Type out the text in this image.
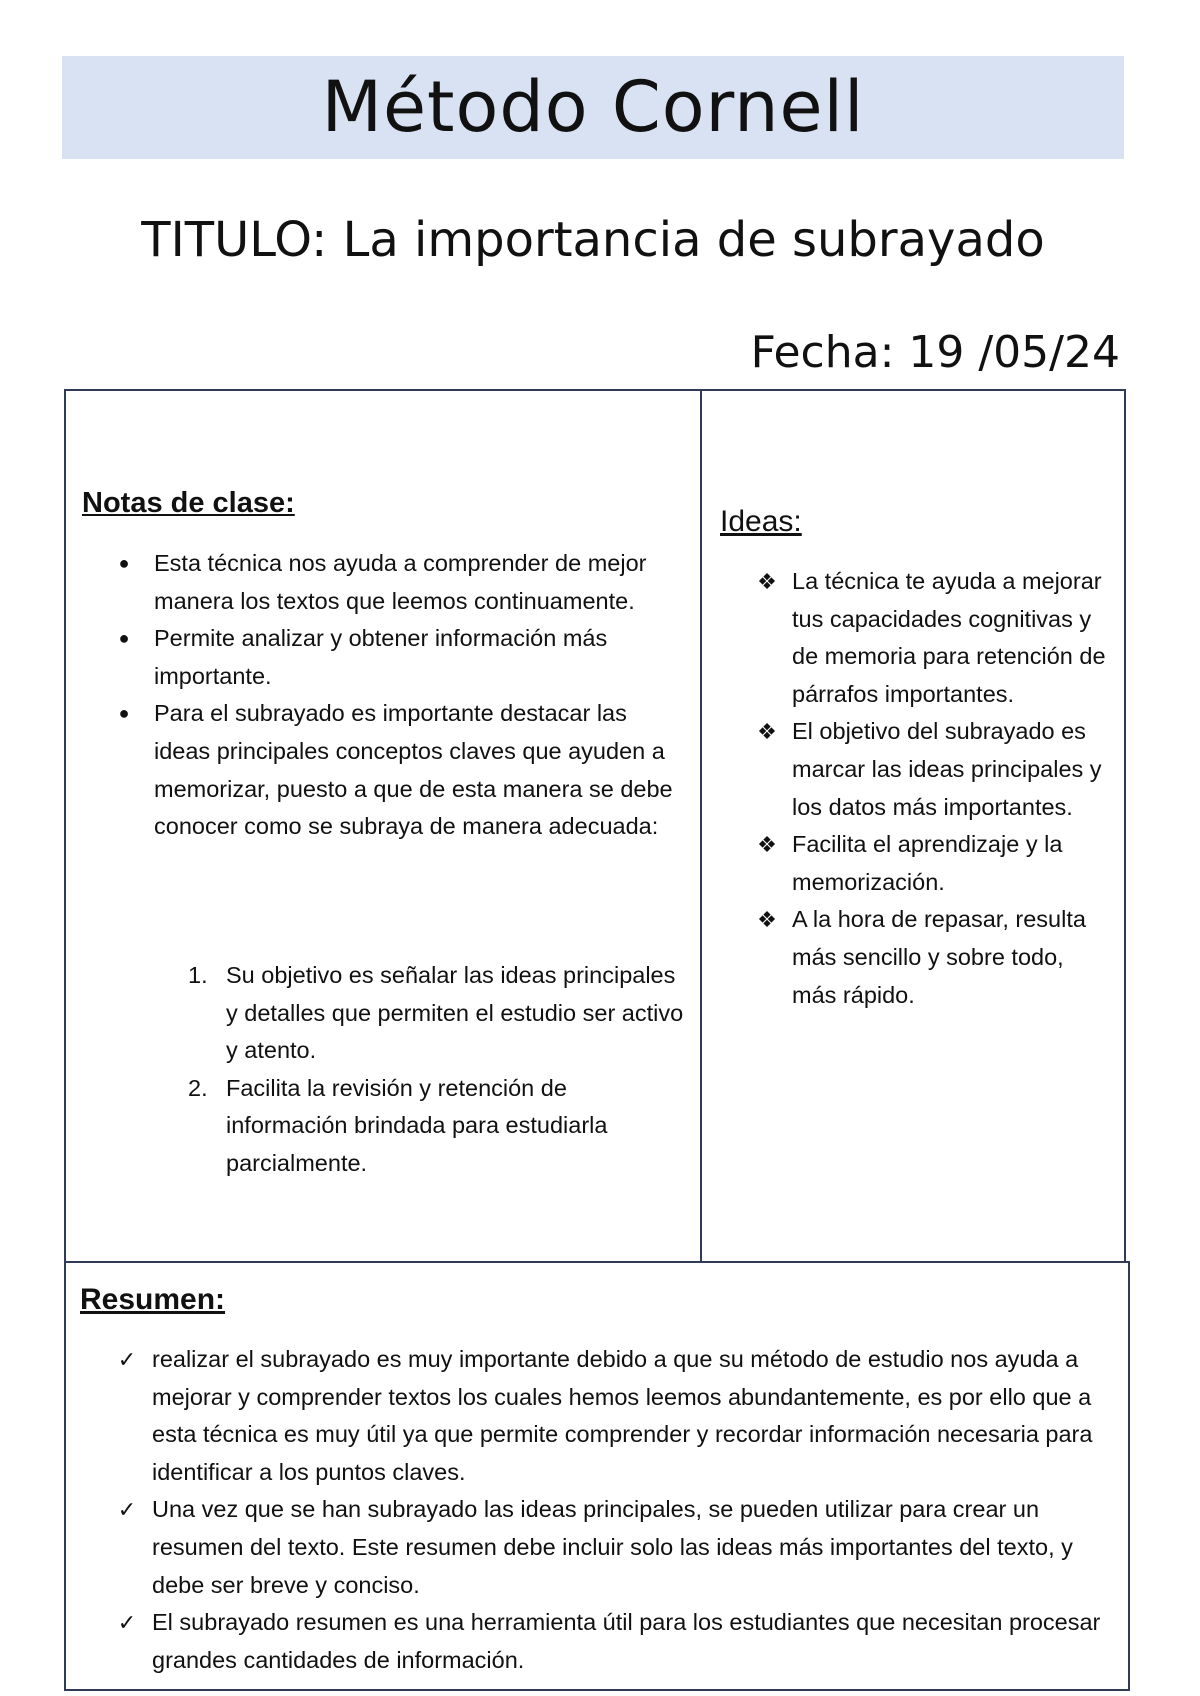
Método Cornell
TITULO: La importancia de subrayado
Fecha: 19 /05/24
Notas de clase:
● Esta técnica nos ayuda a comprender de mejor manera los textos que leemos continuamente.
● Permite analizar y obtener información más importante.
● Para el subrayado es importante destacar las ideas principales conceptos claves que ayuden a memorizar, puesto a que de esta manera se debe conocer como se subraya de manera adecuada:
1. Su objetivo es señalar las ideas principales y detalles que permiten el estudio ser activo y atento.
2. Facilita la revisión y retención de información brindada para estudiarla parcialmente.
Ideas:
❖ La técnica te ayuda a mejorar tus capacidades cognitivas y de memoria para retención de párrafos importantes.
❖ El objetivo del subrayado es marcar las ideas principales y los datos más importantes.
❖ Facilita el aprendizaje y la memorización.
❖ A la hora de repasar, resulta más sencillo y sobre todo, más rápido.
Resumen:
✓ realizar el subrayado es muy importante debido a que su método de estudio nos ayuda a mejorar y comprender textos los cuales hemos leemos abundantemente, es por ello que a esta técnica es muy útil ya que permite comprender y recordar información necesaria para identificar a los puntos claves.
✓ Una vez que se han subrayado las ideas principales, se pueden utilizar para crear un resumen del texto. Este resumen debe incluir solo las ideas más importantes del texto, y debe ser breve y conciso.
✓ El subrayado resumen es una herramienta útil para los estudiantes que necesitan procesar grandes cantidades de información.
